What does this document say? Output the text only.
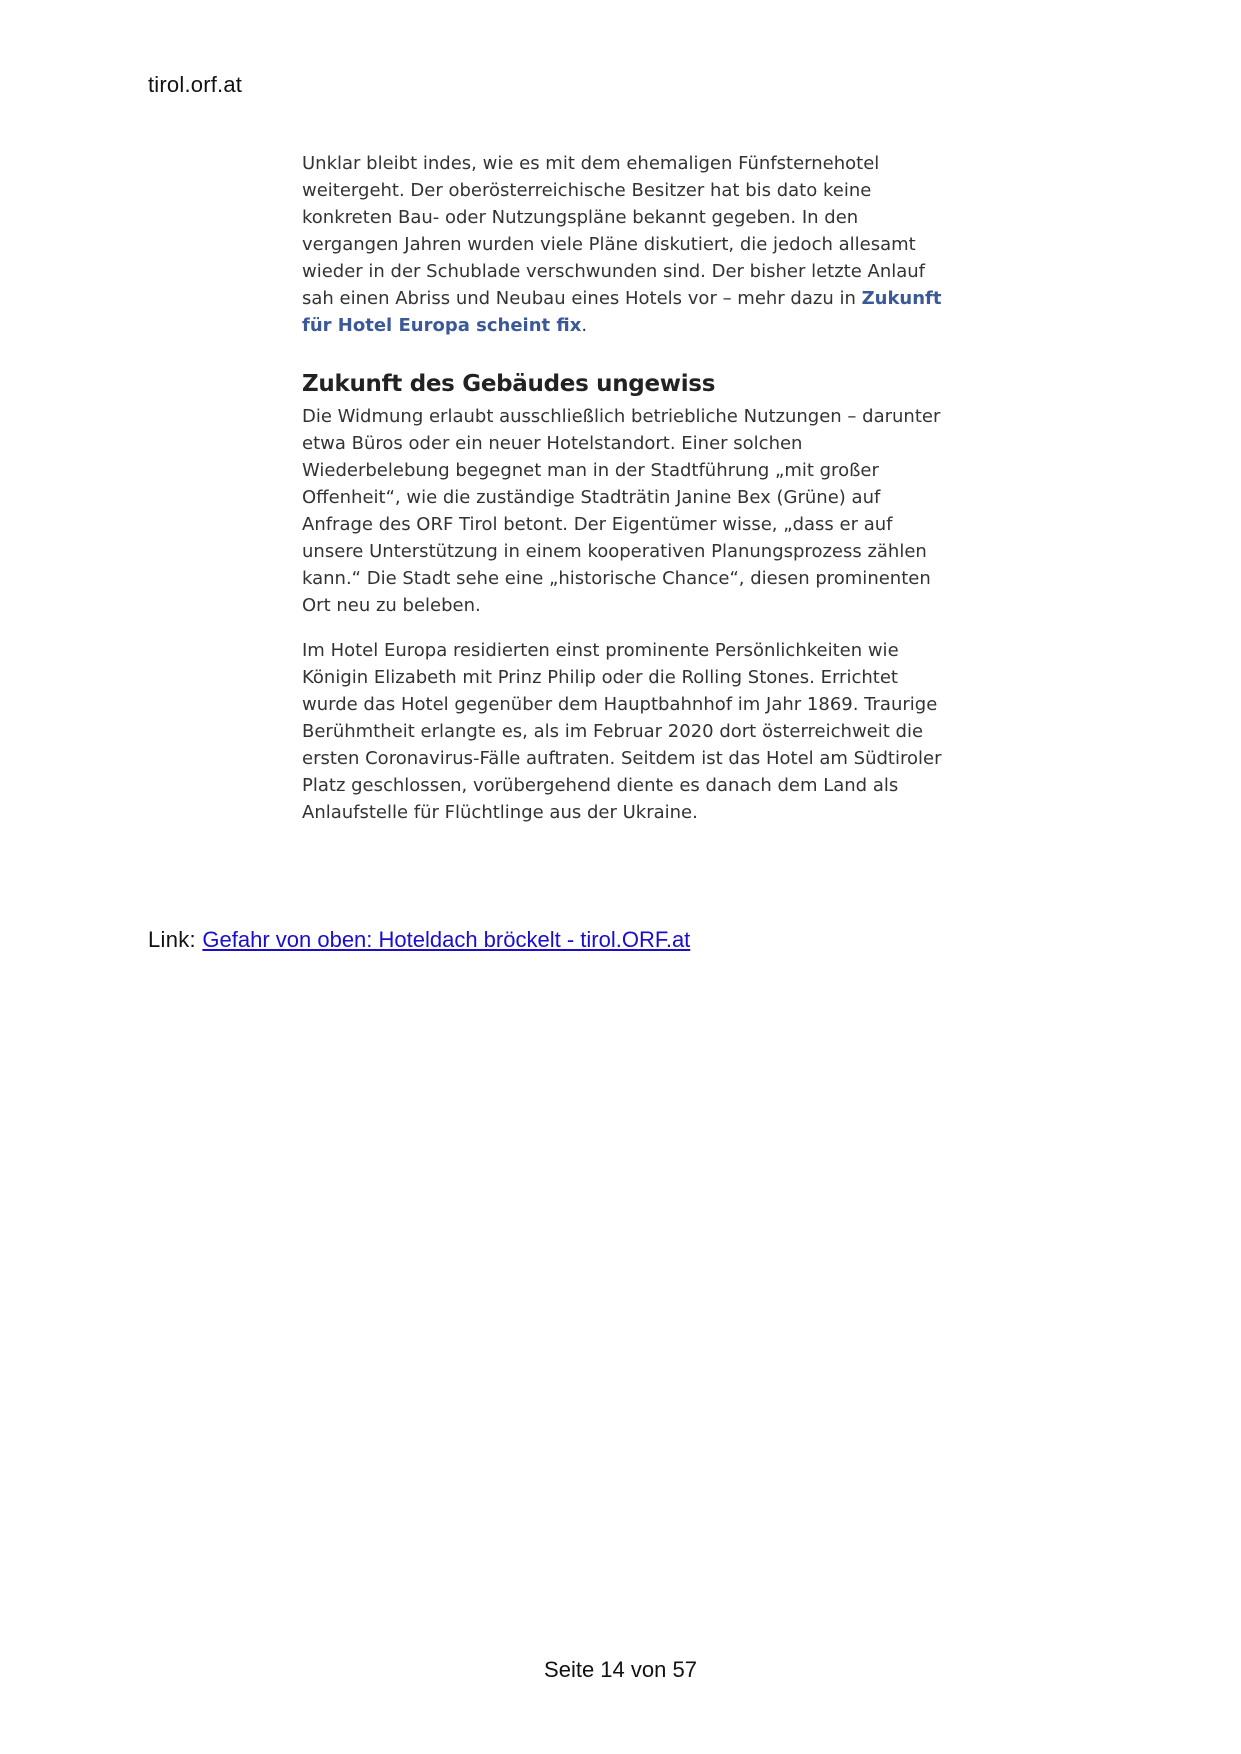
tirol.orf.at

Unklar bleibt indes, wie es mit dem ehemaligen Fünfsternehotel weitergeht. Der oberösterreichische Besitzer hat bis dato keine konkreten Bau- oder Nutzungspläne bekannt gegeben. In den vergangen Jahren wurden viele Pläne diskutiert, die jedoch allesamt wieder in der Schublade verschwunden sind. Der bisher letzte Anlauf sah einen Abriss und Neubau eines Hotels vor – mehr dazu in Zukunft für Hotel Europa scheint fix.

Zukunft des Gebäudes ungewiss

Die Widmung erlaubt ausschließlich betriebliche Nutzungen – darunter etwa Büros oder ein neuer Hotelstandort. Einer solchen Wiederbelebung begegnet man in der Stadtführung „mit großer Offenheit“, wie die zuständige Stadträtin Janine Bex (Grüne) auf Anfrage des ORF Tirol betont. Der Eigentümer wisse, „dass er auf unsere Unterstützung in einem kooperativen Planungsprozess zählen kann.“ Die Stadt sehe eine „historische Chance“, diesen prominenten Ort neu zu beleben.

Im Hotel Europa residierten einst prominente Persönlichkeiten wie Königin Elizabeth mit Prinz Philip oder die Rolling Stones. Errichtet wurde das Hotel gegenüber dem Hauptbahnhof im Jahr 1869. Traurige Berühmtheit erlangte es, als im Februar 2020 dort österreichweit die ersten Coronavirus-Fälle auftraten. Seitdem ist das Hotel am Südtiroler Platz geschlossen, vorübergehend diente es danach dem Land als Anlaufstelle für Flüchtlinge aus der Ukraine.

Link: Gefahr von oben: Hoteldach bröckelt - tirol.ORF.at
Seite 14 von 57
